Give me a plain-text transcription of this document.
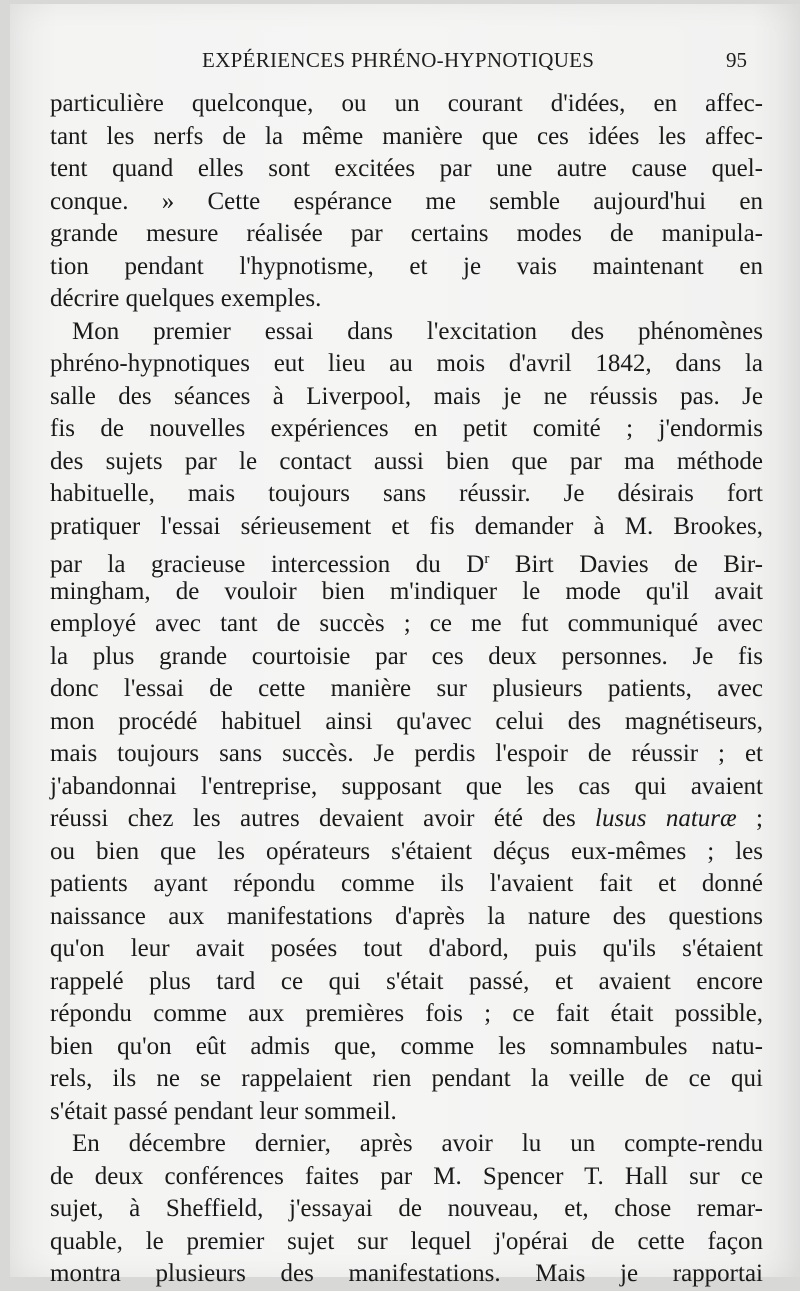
EXPÉRIENCES PHRÉNO-HYPNOTIQUES	95
particulière quelconque, ou un courant d'idées, en affec-
tant les nerfs de la même manière que ces idées les affec-
tent quand elles sont excitées par une autre cause quel-
conque. » Cette espérance me semble aujourd'hui en
grande mesure réalisée par certains modes de manipula-
tion pendant l'hypnotisme, et je vais maintenant en
décrire quelques exemples.
Mon premier essai dans l'excitation des phénomènes
phréno-hypnotiques eut lieu au mois d'avril 1842, dans la
salle des séances à Liverpool, mais je ne réussis pas. Je
fis de nouvelles expériences en petit comité ; j'endormis
des sujets par le contact aussi bien que par ma méthode
habituelle, mais toujours sans réussir. Je désirais fort
pratiquer l'essai sérieusement et fis demander à M. Brookes,
par la gracieuse intercession du $D^r$ Birt Davies de Bir-
mingham, de vouloir bien m'indiquer le mode qu'il avait
employé avec tant de succès ; ce me fut communiqué avec
la plus grande courtoisie par ces deux personnes. Je fis
donc l'essai de cette manière sur plusieurs patients, avec
mon procédé habituel ainsi qu'avec celui des magnétiseurs,
mais toujours sans succès. Je perdis l'espoir de réussir ; et
j'abandonnai l'entreprise, supposant que les cas qui avaient
réussi chez les autres devaient avoir été des lusus naturæ ;
ou bien que les opérateurs s'étaient déçus eux-mêmes ; les
patients ayant répondu comme ils l'avaient fait et donné
naissance aux manifestations d'après la nature des questions
qu'on leur avait posées tout d'abord, puis qu'ils s'étaient
rappelé plus tard ce qui s'était passé, et avaient encore
répondu comme aux premières fois ; ce fait était possible,
bien qu'on eût admis que, comme les somnambules natu-
rels, ils ne se rappelaient rien pendant la veille de ce qui
s'était passé pendant leur sommeil.
En décembre dernier, après avoir lu un compte-rendu
de deux conférences faites par M. Spencer T. Hall sur ce
sujet, à Sheffield, j'essayai de nouveau, et, chose remar-
quable, le premier sujet sur lequel j'opérai de cette façon
montra plusieurs des manifestations. Mais je rapportai
